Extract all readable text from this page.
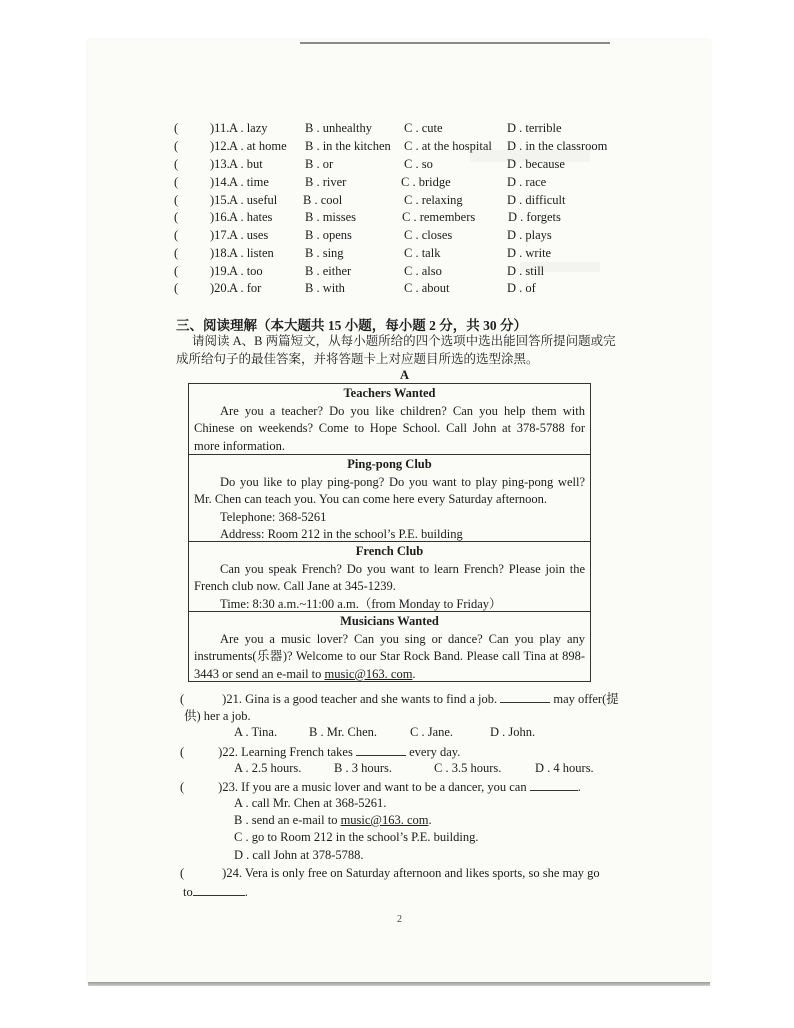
(	)11. A . lazy	B . unhealthy	C . cute	D . terrible
(	)12. A . at home B . in the kitchen C . at the hospital D . in the classroom
(	)13. A . but	B . or	C . so	D . because
(	)14. A . time	B . river	C . bridge	D . race
(	)15. A . useful B . cool	C . relaxing	D . difficult
(	)16. A . hates	B . misses	C . remembers	D . forgets
(	)17. A . uses	B . opens	C . closes	D . plays
(	)18. A . listen B . sing	C . talk	D . write
(	)19. A . too	B . either	C . also	D . still
(	)20. A . for	B . with	C . about	D . of
三、阅读理解（本大题共 15 小题，每小题 2 分，共 30 分）
请阅读 A、B 两篇短文，从每小题所给的四个选项中选出能回答所提问题或完成所给句子的最佳答案，并将答题卡上对应题目所选的选型涂黑。
A
Teachers Wanted

Are you a teacher? Do you like children? Can you help them with Chinese on weekends? Come to Hope School. Call John at 378-5788 for more information.

Ping-pong Club

Do you like to play ping-pong? Do you want to play ping-pong well? Mr. Chen can teach you. You can come here every Saturday afternoon.

Telephone: 368-5261
Address: Room 212 in the school’s P.E. building
French Club

Can you speak French? Do you want to learn French? Please join the French club now. Call Jane at 345-1239.

Time: 8:30 a.m.~11:00 a.m.（from Monday to Friday）
Musicians Wanted

Are you a music lover? Can you sing or dance? Can you play any instruments(乐器)? Welcome to our Star Rock Band. Please call Tina at 898-3443 or send an e-mail to music@163. com.

(	)21. Gina is a good teacher and she wants to find a job.	may offer(提
供) her a job.
A . Tina.	B . Mr. Chen.	C . Jane.	D . John.
(	)22. Learning French takes	every day.
A . 2.5 hours.	B . 3 hours.	C . 3.5 hours.	D . 4 hours.
(	)23. If you are a music lover and want to be a dancer, you can	.
A . call Mr. Chen at 368-5261.
B . send an e-mail to music@163. com.
C . go to Room 212 in the school’s P.E. building.
D . call John at 378-5788.
(	)24. Vera is only free on Saturday afternoon and likes sports, so she may go
to	.
2
